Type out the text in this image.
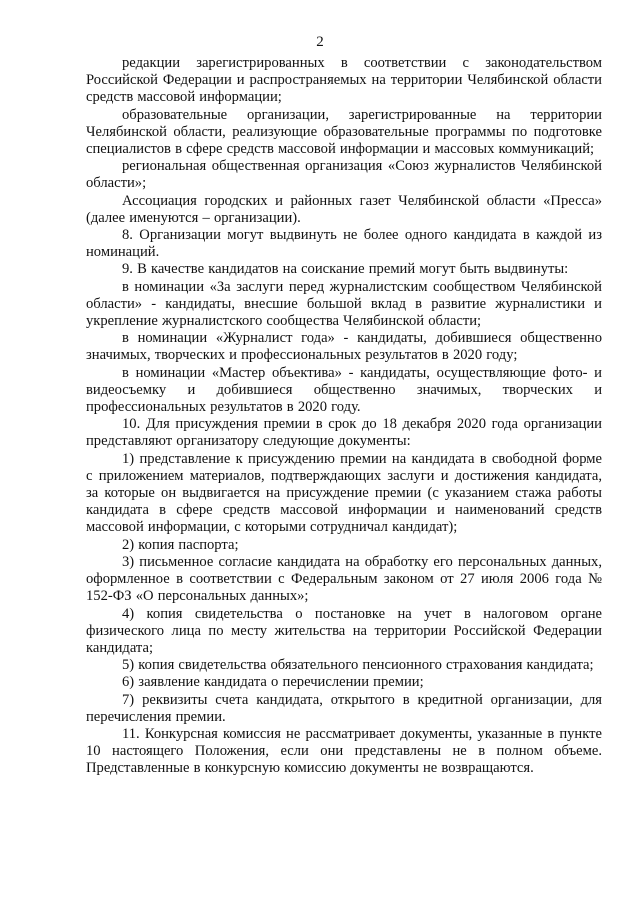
2

редакции зарегистрированных в соответствии с законодательством Российской Федерации и распространяемых на территории Челябинской области средств массовой информации;

образовательные организации, зарегистрированные на территории Челябинской области, реализующие образовательные программы по подготовке специалистов в сфере средств массовой информации и массовых коммуникаций;

региональная общественная организация «Союз журналистов Челябинской области»;

Ассоциация городских и районных газет Челябинской области «Пресса» (далее именуются – организации).

8. Организации могут выдвинуть не более одного кандидата в каждой из номинаций.

9. В качестве кандидатов на соискание премий могут быть выдвинуты:

в номинации «За заслуги перед журналистским сообществом Челябинской области» - кандидаты, внесшие большой вклад в развитие журналистики и укрепление журналистского сообщества Челябинской области;

в номинации «Журналист года» - кандидаты, добившиеся общественно значимых, творческих и профессиональных результатов в 2020 году;

в номинации «Мастер объектива» - кандидаты, осуществляющие фото- и видеосъемку и добившиеся общественно значимых, творческих и профессиональных результатов в 2020 году.

10. Для присуждения премии в срок до 18 декабря 2020 года организации представляют организатору следующие документы:

1) представление к присуждению премии на кандидата в свободной форме с приложением материалов, подтверждающих заслуги и достижения кандидата, за которые он выдвигается на присуждение премии (с указанием стажа работы кандидата в сфере средств массовой информации и наименований средств массовой информации, с которыми сотрудничал кандидат);

2) копия паспорта;

3) письменное согласие кандидата на обработку его персональных данных, оформленное в соответствии с Федеральным законом от 27 июля 2006 года № 152-ФЗ «О персональных данных»;

4) копия свидетельства о постановке на учет в налоговом органе физического лица по месту жительства на территории Российской Федерации кандидата;

5) копия свидетельства обязательного пенсионного страхования кандидата;

6) заявление кандидата о перечислении премии;

7) реквизиты счета кандидата, открытого в кредитной организации, для перечисления премии.

11. Конкурсная комиссия не рассматривает документы, указанные в пункте 10 настоящего Положения, если они представлены не в полном объеме. Представленные в конкурсную комиссию документы не возвращаются.
